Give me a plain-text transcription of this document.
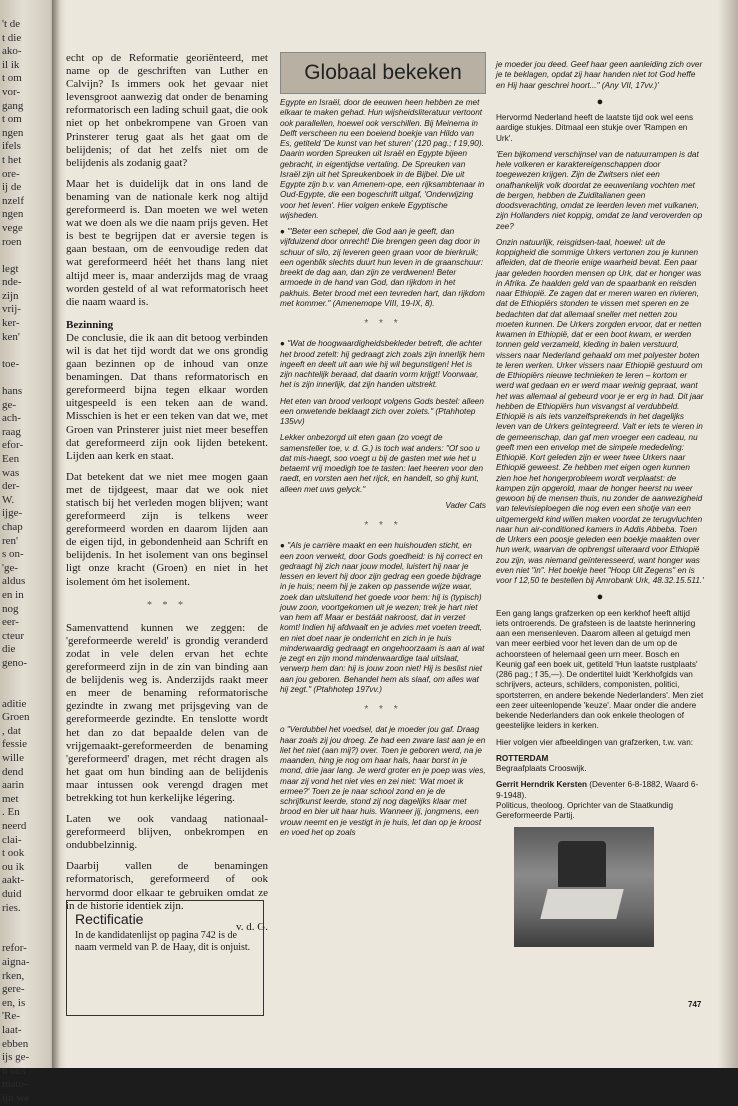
't de
t die
ako-
il ik
t om
vor-
gang
t om
ngen
ifels
t het
ore-
ij de
nzelf
ngen
vege
roen

legt
nde-
zijn
vrij-
ker-
ken'

toe-

hans
ge-
ach-
raag
efor-
Een
was
der-
W.
ijge-
chap
ren'
s on-
'ge-
aldus
en in
nog
eer-
cteur
die
geno-

aditie
Groen
, dat
fessie
wille
dend
aarin
met
. En
neerd
clai-
t ook
ou ik
aakt-
duid
ries.

refor-
aigna-
rken,
gere-
en, is
'Re-
laat-
ebben
ijs ge-
n ons
mato-
ijn we

echt op de Reformatie georiënteerd, met name op de geschriften van Luther en Calvijn? Is immers ook het gevaar niet levensgroot aanwezig dat onder de benaming reformatorisch een lading schuil gaat, die ook niet op het onbekrompene van Groen van Prinsterer terug gaat als het gaat om de belijdenis; of dat het zelfs niet om de belijdenis als zodanig gaat?

Maar het is duidelijk dat in ons land de benaming van de nationale kerk nog altijd gereformeerd is. Dan moeten we wel weten wat we doen als we die naam prijs geven. Het is best te begrijpen dat er aversie tegen is gaan bestaan, om de eenvoudige reden dat wat gereformeerd héét het thans lang niet altijd meer is, maar anderzijds mag de vraag worden gesteld of al wat reformatorisch heet die naam waard is.

Bezinning

De conclusie, die ik aan dit betoog verbinden wil is dat het tijd wordt dat we ons grondig gaan bezinnen op de inhoud van onze benamingen. Dat thans reformatorisch en gereformeerd bijna tegen elkaar worden uitgespeeld is een teken aan de wand. Misschien is het er een teken van dat we, met Groen van Prinsterer juist niet meer beseffen dat gereformeerd zijn ook lijden betekent. Lijden aan kerk en staat.

Dat betekent dat we niet mee mogen gaan met de tijdgeest, maar dat we ook niet statisch bij het verleden mogen blijven; want gereformeerd zijn is telkens weer gereformeerd worden en daarom lijden aan de eigen tijd, in gebondenheid aan Schrift en belijdenis. In het isolement van ons beginsel ligt onze kracht (Groen) en niet in het isolement óm het isolement.

* * *

Samenvattend kunnen we zeggen: de 'gereformeerde wereld' is grondig veranderd zodat in vele delen ervan het echte gereformeerd zijn in de zin van binding aan de belijdenis weg is. Anderzijds raakt meer en meer de benaming reformatorische gezindte in zwang met prijsgeving van de gereformeerde gezindte. En tenslotte wordt het dan zo dat bepaalde delen van de vrijgemaakt-gereformeerden de benaming 'gereformeerd' dragen, met récht dragen als het gaat om hun binding aan de belijdenis maar intussen ook verengd dragen met betrekking tot hun kerkelijke légering.

Laten we ook vandaag nationaal-gereformeerd blijven, onbekrompen en ondubbelzinnig.

Daarbij vallen de benamingen reformatorisch, gereformeerd of ook hervormd door elkaar te gebruiken omdat ze in de historie identiek zijn.

v. d. G.
Rectificatie

In de kandidatenlijst op pagina 742 is de naam vermeld van P. de Haay, dit is onjuist.

Globaal bekeken

Egypte en Israël, door de eeuwen heen hebben ze met elkaar te maken gehad. Hun wijsheidsliteratuur vertoont ook parallellen, hoewel ook verschillen. Bij Meinema in Delft verscheen nu een boeiend boekje van Hildo van Es, getiteld 'De kunst van het sturen' (120 pag.; f 19,90). Daarin worden Spreuken uit Israël en Egypte bijeen gebracht, in eigentijdse vertaling. De Spreuken van Israël zijn uit het Spreukenboek in de Bijbel. Die uit Egypte zijn b.v. van Amenem-ope, een rijksambtenaar in Oud-Egypte, die een bogeschrift uitgaf, 'Onderwijzing voor het leven'. Hier volgen enkele Egyptische wijsheden.

● "'Beter een schepel, die God aan je geeft, dan vijfduizend door onrecht! Die brengen geen dag door in schuur of silo, zij leveren geen graan voor de bierkruik; een ogenblik slechts duurt hun leven in de graanschuur: breekt de dag aan, dan zijn ze verdwenen! Beter armoede in de hand van God, dan rijkdom in het pakhuis. Beter brood met een tevreden hart, dan rijkdom met kommer." (Amenemope VIII, 19-IX, 8).

* * *

● "Wat de hoogwaardigheidsbekleder betreft, die achter het brood zetelt: hij gedraagt zich zoals zijn innerlijk hem ingeeft en deelt uit aan wie hij wil begunstigen! Het is zijn nachtelijk beraad, dat daarin vorm krijgt! Voorwaar, het is zijn innerlijk, dat zijn handen uitstrekt.

Het eten van brood verloopt volgens Gods bestel: alleen een onwetende beklaagt zich over zoiets." (Ptahhotep 135vv)

Lekker onbezorgd uit eten gaan (zo voegt de samensteller toe, v. d. G.) is toch wat anders: "Of soo u dat mis-haegt, soo voegt u bij de gasten met wie het u betaemt vrij moedigh toe te tasten: laet heeren voor den raedt, en vorsten aen het rijck, en handelt, so ghij kunt, alleen met uws gelyck."

Vader Cats
* * *

● "Als je carrière maakt en een huishouden sticht, en een zoon verwekt, door Gods goedheid: is hij correct en gedraagt hij zich naar jouw model, luistert hij naar je lessen en levert hij door zijn gedrag een goede bijdrage in je huis; neem hij je zaken op passende wijze waar, zoek dan uitsluitend het goede voor hem: hij is (typisch) jouw zoon, voortgekomen uit je wezen; trek je hart niet van hem af! Maar er bestáát nakroost, dat in verzet komt! Indien hij afdwaalt en je advies met voeten treedt, en niet doet naar je onderricht en zich in je huis minderwaardig gedraagt en ongehoorzaam is aan al wat je zegt en zijn mond minderwaardige taal uitslaat, verwerp hem dan: hij is jouw zoon niet! Hij is beslist niet aan jou geboren. Behandel hem als slaaf, om alles wat hij zegt." (Ptahhotep 197vv.)

* * *

o "Verdubbel het voedsel, dat je moeder jou gaf. Draag haar zoals zij jou droeg. Ze had een zware last aan je en liet het niet (aan mij?) over. Toen je geboren werd, na je maanden, hing je nog om haar hals, haar borst in je mond, drie jaar lang. Je werd groter en je poep was vies, maar zij vond het niet vies en zei niet: 'Wat moet ik ermee?' Toen ze je naar school zond en je de schrijfkunst leerde, stond zij nog dagelijks klaar met brood en bier uit haar huis. Wanneer jij, jongmens, een vrouw neemt en je vestigt in je huis, let dan op je kroost en voed het op zoals

je moeder jou deed. Geef haar geen aanleiding zich over je te beklagen, opdat zij haar handen niet tot God heffe en Hij haar geschrei hoort..." (Any VII, 17vv.)'

●

Hervormd Nederland heeft de laatste tijd ook wel eens aardige stukjes. Ditmaal een stukje over 'Rampen en Urk'.

'Een bijkomend verschijnsel van de natuurrampen is dat hele volkeren er karaktereigenschappen door toegewezen krijgen. Zijn de Zwitsers niet een onafhankelijk volk doordat ze eeuwenlang vochten met de bergen, hebben de Zuiditalianen geen doodsverachting, omdat ze leerden leven met vulkanen, zijn Hollanders niet koppig, omdat ze land veroverden op zee?

Onzin natuurlijk, reisgidsen-taal, hoewel: uit de koppigheid die sommige Urkers vertonen zou je kunnen afleiden, dat de theorie enige waarheid bevat. Een paar jaar geleden hoorden mensen op Urk, dat er honger was in Afrika. Ze haalden geld van de spaarbank en reisden naar Ethiopië. Ze zagen dat er meren waren en rivieren, dat de Ethiopiërs stonden te vissen met speren en ze bedachten dat dat allemaal sneller met netten zou moeten kunnen. De Urkers zorgden ervoor, dat er netten kwamen in Ethiopië, dat er een boot kwam, er werden tonnen geld verzameld, kleding in balen verstuurd, vissers naar Nederland gehaald om met polyester boten te leren werken. Urker vissers naar Ethiopië gestuurd om de Ethiopiërs nieuwe technieken te leren – kortom er werd wat gedaan en er werd maar weinig gepraat, want het was allemaal al gebeurd voor je er erg in had. Dit jaar hebben de Ethiopiërs hun visvangst al verdubbeld. Ethiopië is als iets vanzelfsprekends in het dagelijks leven van de Urkers geïntegreerd. Valt er iets te vieren in de gemeenschap, dan gaf men vroeger een cadeau, nu geeft men een envelop met de simpele mededeling: Ethiopië. Kort geleden zijn er weer twee Urkers naar Ethiopië geweest. Ze hebben met eigen ogen kunnen zien hoe het hongerprobleem wordt verplaatst: de kampen zijn opgerold, maar de honger heerst nu weer gewoon bij de mensen thuis, nu zonder de aanwezigheid van televisieploegen die nog even een shotje van een uitgemergeld kind willen maken voordat ze terugvluchten naar hun air-conditioned kamers in Addis Abbeba. Toen de Urkers een poosje geleden een boekje maakten over hun werk, waarvan de opbrengst uiteraard voor Ethiopië zou zijn, was niemand geïnteresseerd, want honger was even niet "in". Het boekje heet "Hoop Uit Zegens" en is voor f 12,50 te bestellen bij Amrobank Urk, 48.32.15.511.'

●

Een gang langs grafzerken op een kerkhof heeft altijd iets ontroerends. De grafsteen is de laatste herinnering aan een mensenleven. Daarom alleen al getuigd men van meer eerbied voor het leven dan de um op de achoorsteen of helemaal geen urn meer. Bosch en Keunig gaf een boek uit, getiteld 'Hun laatste rustplaats' (286 pag.; f 35,—). De ondertitel luidt 'Kerkhofgids van schrijvers, acteurs, schilders, componisten, politici, sportsterren, en andere bekende Nederlanders'. Men ziet een zeer uiteenlopende 'keuze'. Maar onder die andere bekende Nederlanders dan ook enkele theologen of geestelijke leiders in kerken.

Hier volgen vier afbeeldingen van grafzerken, t.w. van:

ROTTERDAM

Begraafplaats Crooswijk.

Gerrit Herndrik Kersten (Deventer 6-8-1882, Waard 6-9-1948).
Politicus, theoloog. Oprichter van de Staatkundig Gereformeerde Partij.

747
